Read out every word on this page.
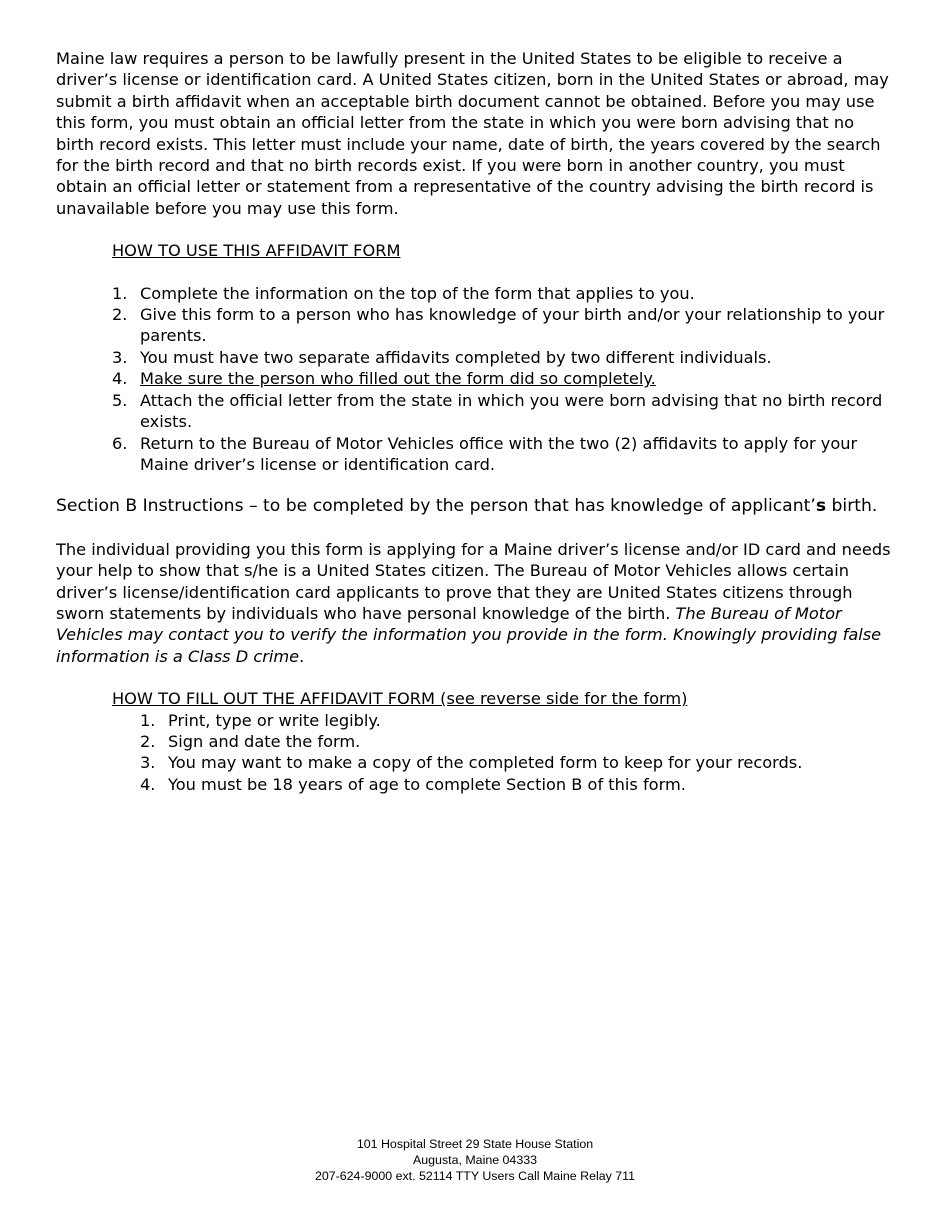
Maine law requires a person to be lawfully present in the United States to be eligible to receive a driver’s license or identification card. A United States citizen, born in the United States or abroad, may submit a birth affidavit when an acceptable birth document cannot be obtained. Before you may use this form, you must obtain an official letter from the state in which you were born advising that no birth record exists. This letter must include your name, date of birth, the years covered by the search for the birth record and that no birth records exist. If you were born in another country, you must obtain an official letter or statement from a representative of the country advising the birth record is unavailable before you may use this form.

HOW TO USE THIS AFFIDAVIT FORM
1. Complete the information on the top of the form that applies to you.
2. Give this form to a person who has knowledge of your birth and/or your relationship to your parents.
3. You must have two separate affidavits completed by two different individuals.
4. Make sure the person who filled out the form did so completely.
5. Attach the official letter from the state in which you were born advising that no birth record exists.
6. Return to the Bureau of Motor Vehicles office with the two (2) affidavits to apply for your Maine driver’s license or identification card.

Section B Instructions – to be completed by the person that has knowledge of applicant’s birth.

The individual providing you this form is applying for a Maine driver’s license and/or ID card and needs your help to show that s/he is a United States citizen. The Bureau of Motor Vehicles allows certain driver’s license/identification card applicants to prove that they are United States citizens through sworn statements by individuals who have personal knowledge of the birth. The Bureau of Motor Vehicles may contact you to verify the information you provide in the form. Knowingly providing false information is a Class D crime.

HOW TO FILL OUT THE AFFIDAVIT FORM (see reverse side for the form)
1. Print, type or write legibly.
2. Sign and date the form.
3. You may want to make a copy of the completed form to keep for your records.
4. You must be 18 years of age to complete Section B of this form.
101 Hospital Street 29 State House Station
Augusta, Maine 04333
207-624-9000 ext. 52114 TTY Users Call Maine Relay 711
